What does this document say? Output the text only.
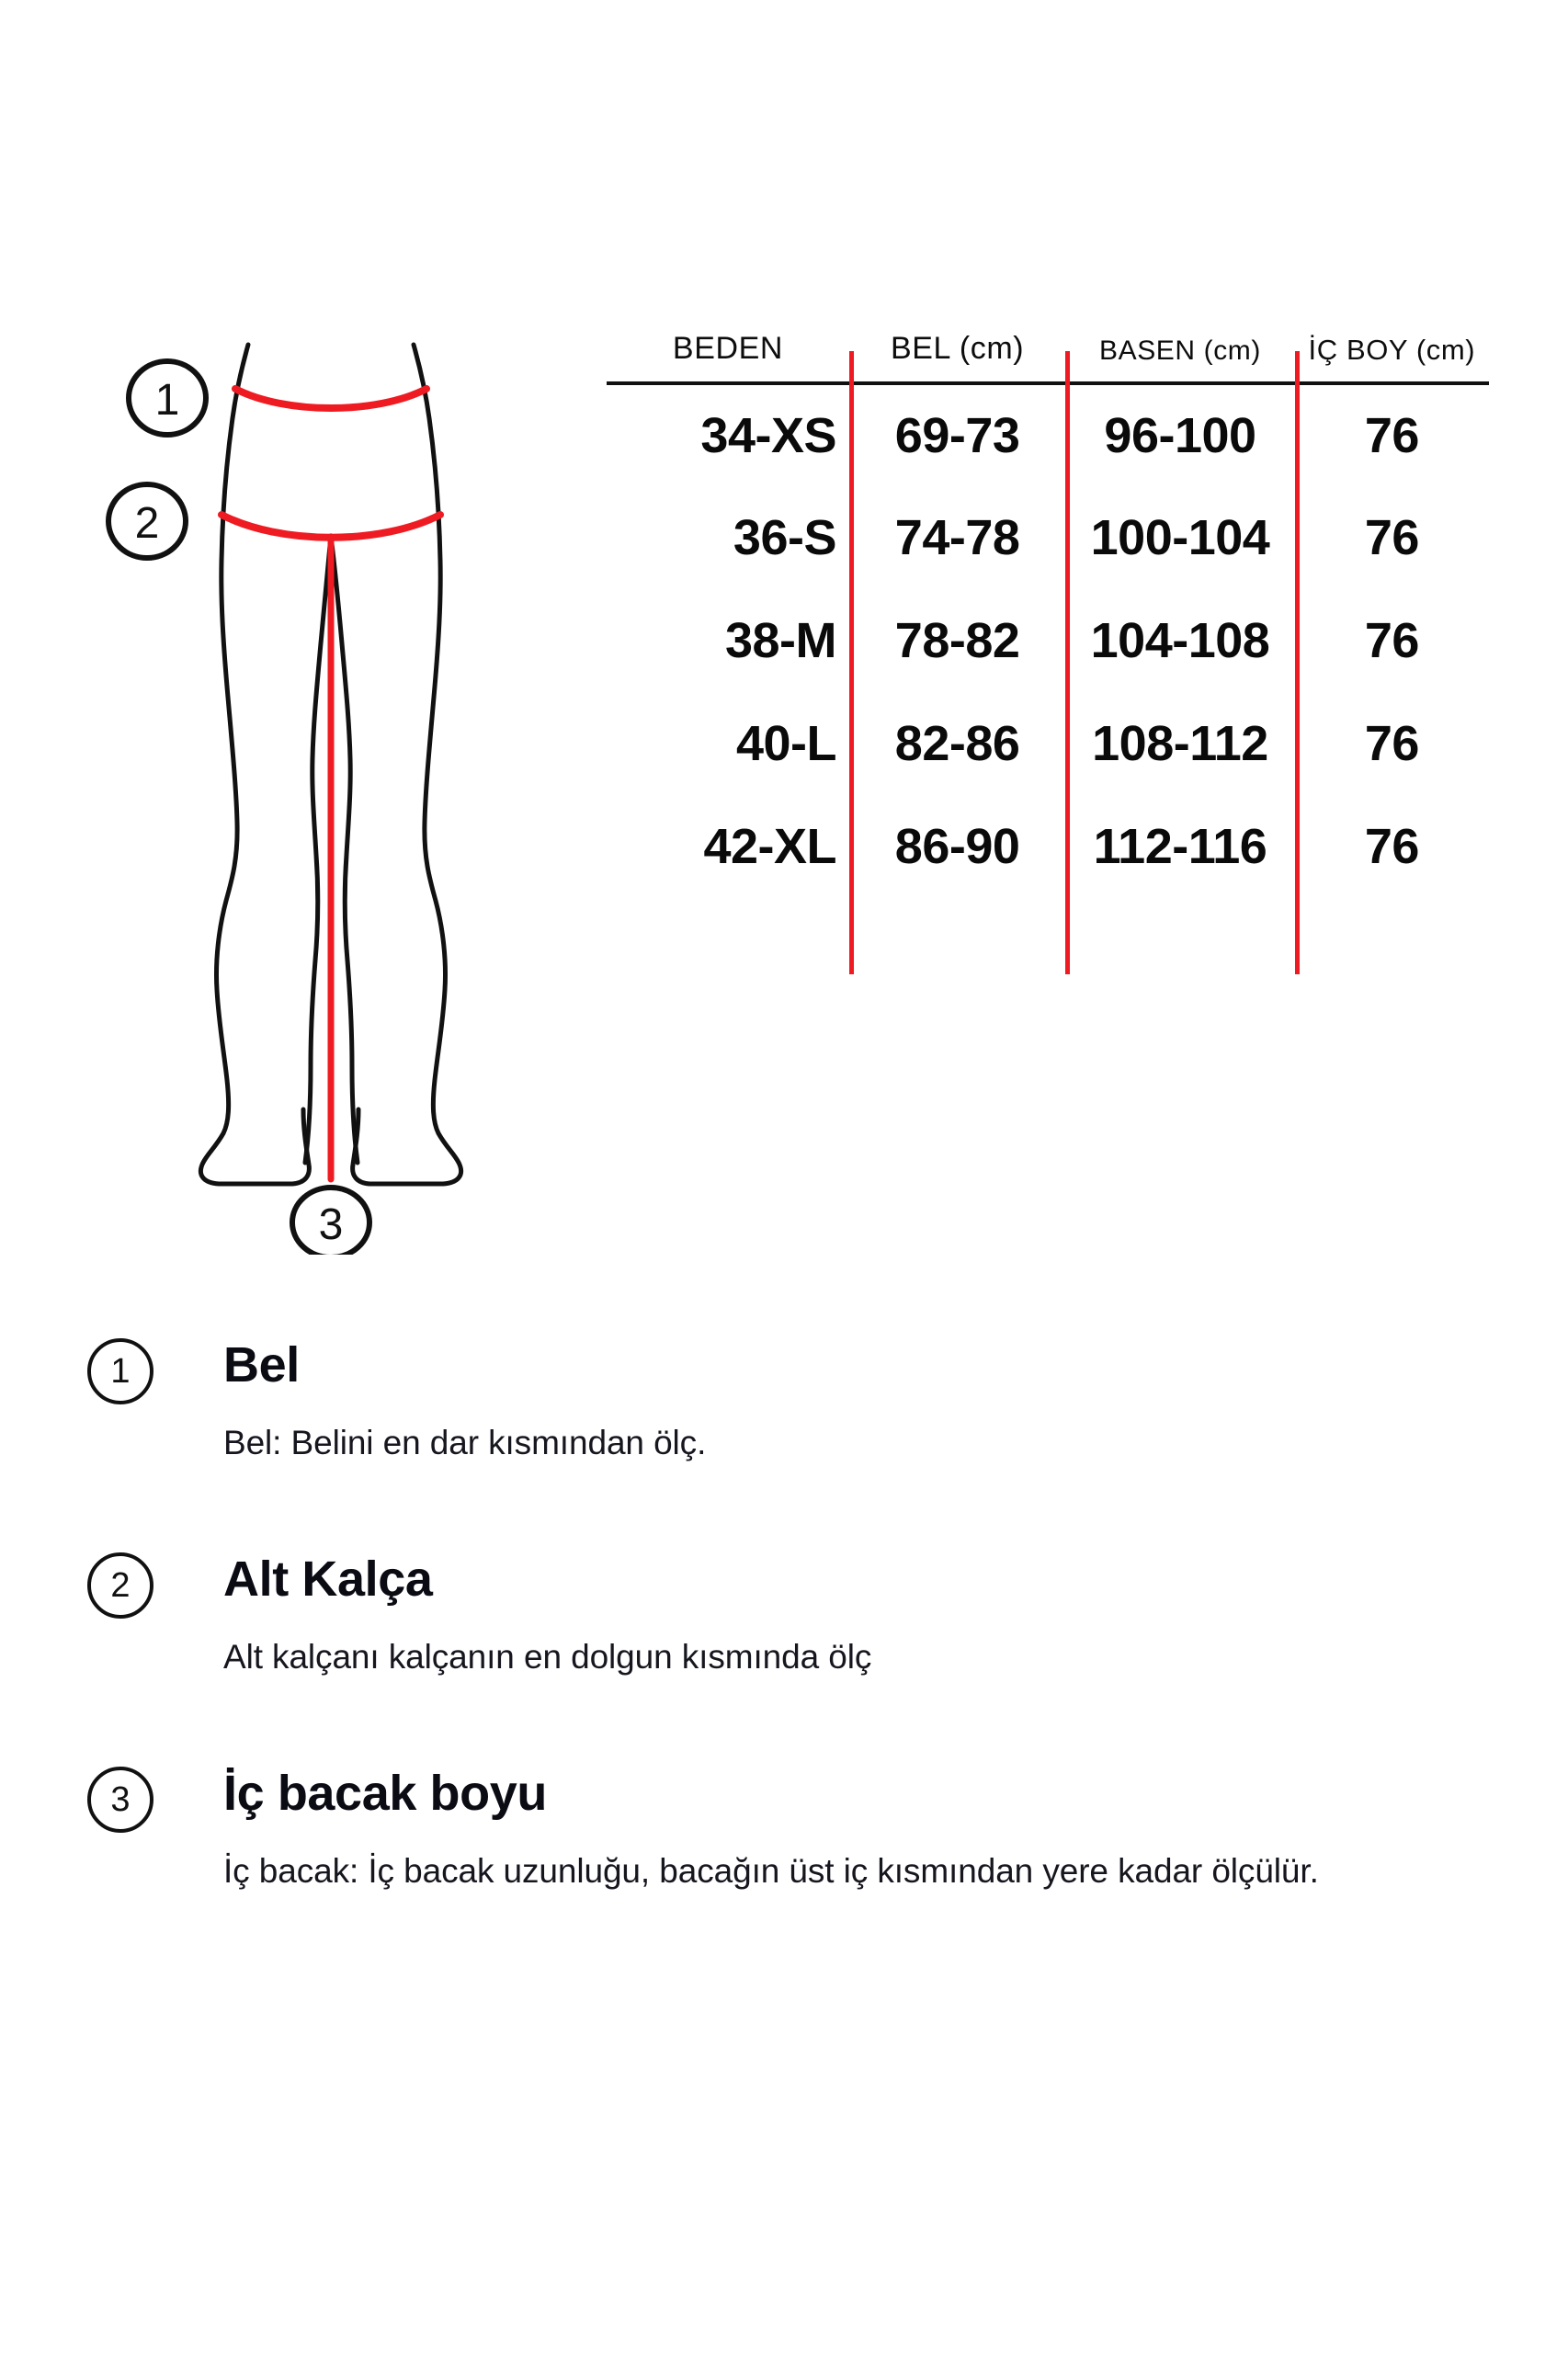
1
2
3
BEDEN	BEL (cm)	BASEN (cm)	İÇ BOY (cm)
34-XS	69-73	96-100	76
36-S	74-78	100-104	76
38-M	78-82	104-108	76
40-L	82-86	108-112	76
42-XL	86-90	112-116	76
1	Bel
Bel: Belini en dar kısmından ölç.
2	Alt Kalça
Alt kalçanı kalçanın en dolgun kısmında ölç
3	İç bacak boyu
İç bacak: İç bacak uzunluğu, bacağın üst iç kısmından yere kadar ölçülür.
